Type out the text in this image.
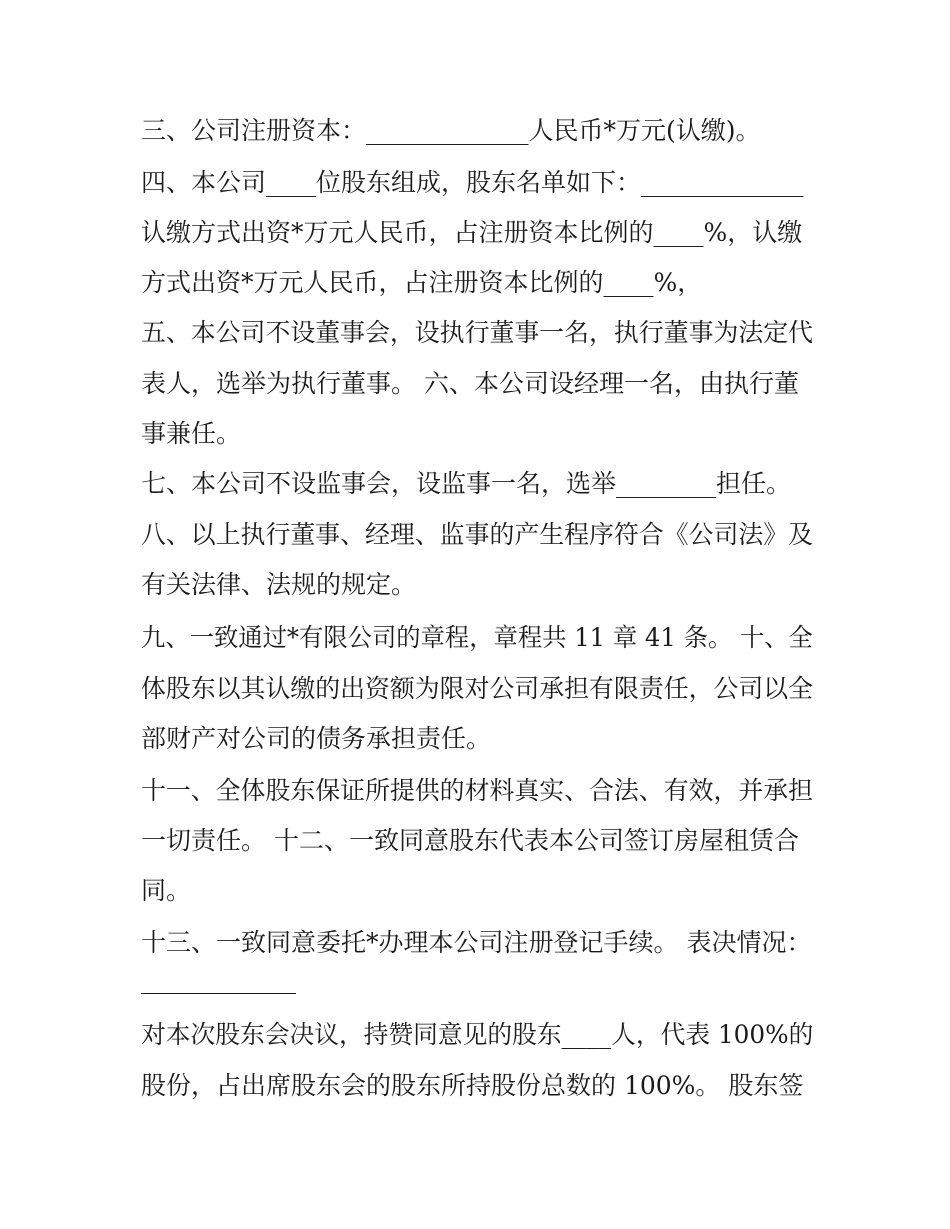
三、公司注册资本：_____________人民币*万元(认缴)。
四、本公司____位股东组成，股东名单如下：_____________
认缴方式出资*万元人民币，占注册资本比例的____%，认缴
方式出资*万元人民币，占注册资本比例的____%，
五、本公司不设董事会，设执行董事一名，执行董事为法定代
表人，选举为执行董事。 六、本公司设经理一名，由执行董
事兼任。
七、本公司不设监事会，设监事一名，选举________担任。
八、以上执行董事、经理、监事的产生程序符合《公司法》及
有关法律、法规的规定。
九、一致通过*有限公司的章程，章程共 11 章 41 条。 十、全
体股东以其认缴的出资额为限对公司承担有限责任，公司以全
部财产对公司的债务承担责任。
十一、全体股东保证所提供的材料真实、合法、有效，并承担
一切责任。 十二、一致同意股东代表本公司签订房屋租赁合
同。
十三、一致同意委托*办理本公司注册登记手续。 表决情况：
对本次股东会决议，持赞同意见的股东____人，代表 100%的
股份，占出席股东会的股东所持股份总数的 100%。 股东签
